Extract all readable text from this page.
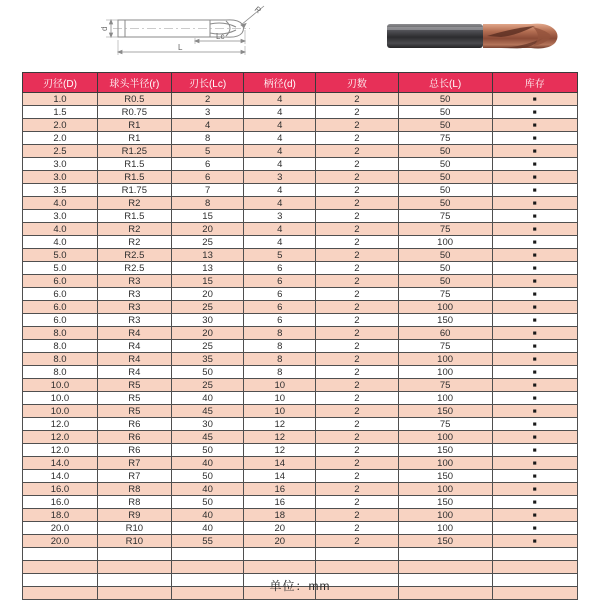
R
d
Lc
L
刃径(D)	球头半径(r)	刃长(Lc)	柄径(d)	刃数	总长(L)	库存
1.0	R0.5	2	4	2	50	■
1.5	R0.75	3	4	2	50	■
2.0	R1	4	4	2	50	■
2.0	R1	8	4	2	75	■
2.5	R1.25	5	4	2	50	■
3.0	R1.5	6	4	2	50	■
3.0	R1.5	6	3	2	50	■
3.5	R1.75	7	4	2	50	■
4.0	R2	8	4	2	50	■
3.0	R1.5	15	3	2	75	■
4.0	R2	20	4	2	75	■
4.0	R2	25	4	2	100	■
5.0	R2.5	13	5	2	50	■
5.0	R2.5	13	6	2	50	■
6.0	R3	15	6	2	50	■
6.0	R3	20	6	2	75	■
6.0	R3	25	6	2	100	■
6.0	R3	30	6	2	150	■
8.0	R4	20	8	2	60	■
8.0	R4	25	8	2	75	■
8.0	R4	35	8	2	100	■
8.0	R4	50	8	2	100	■
10.0	R5	25	10	2	75	■
10.0	R5	40	10	2	100	■
10.0	R5	45	10	2	150	■
12.0	R6	30	12	2	75	■
12.0	R6	45	12	2	100	■
12.0	R6	50	12	2	150	■
14.0	R7	40	14	2	100	■
14.0	R7	50	14	2	150	■
16.0	R8	40	16	2	100	■
16.0	R8	50	16	2	150	■
18.0	R9	40	18	2	100	■
20.0	R10	40	20	2	100	■
20.0	R10	55	20	2	150	■

单位：mm
